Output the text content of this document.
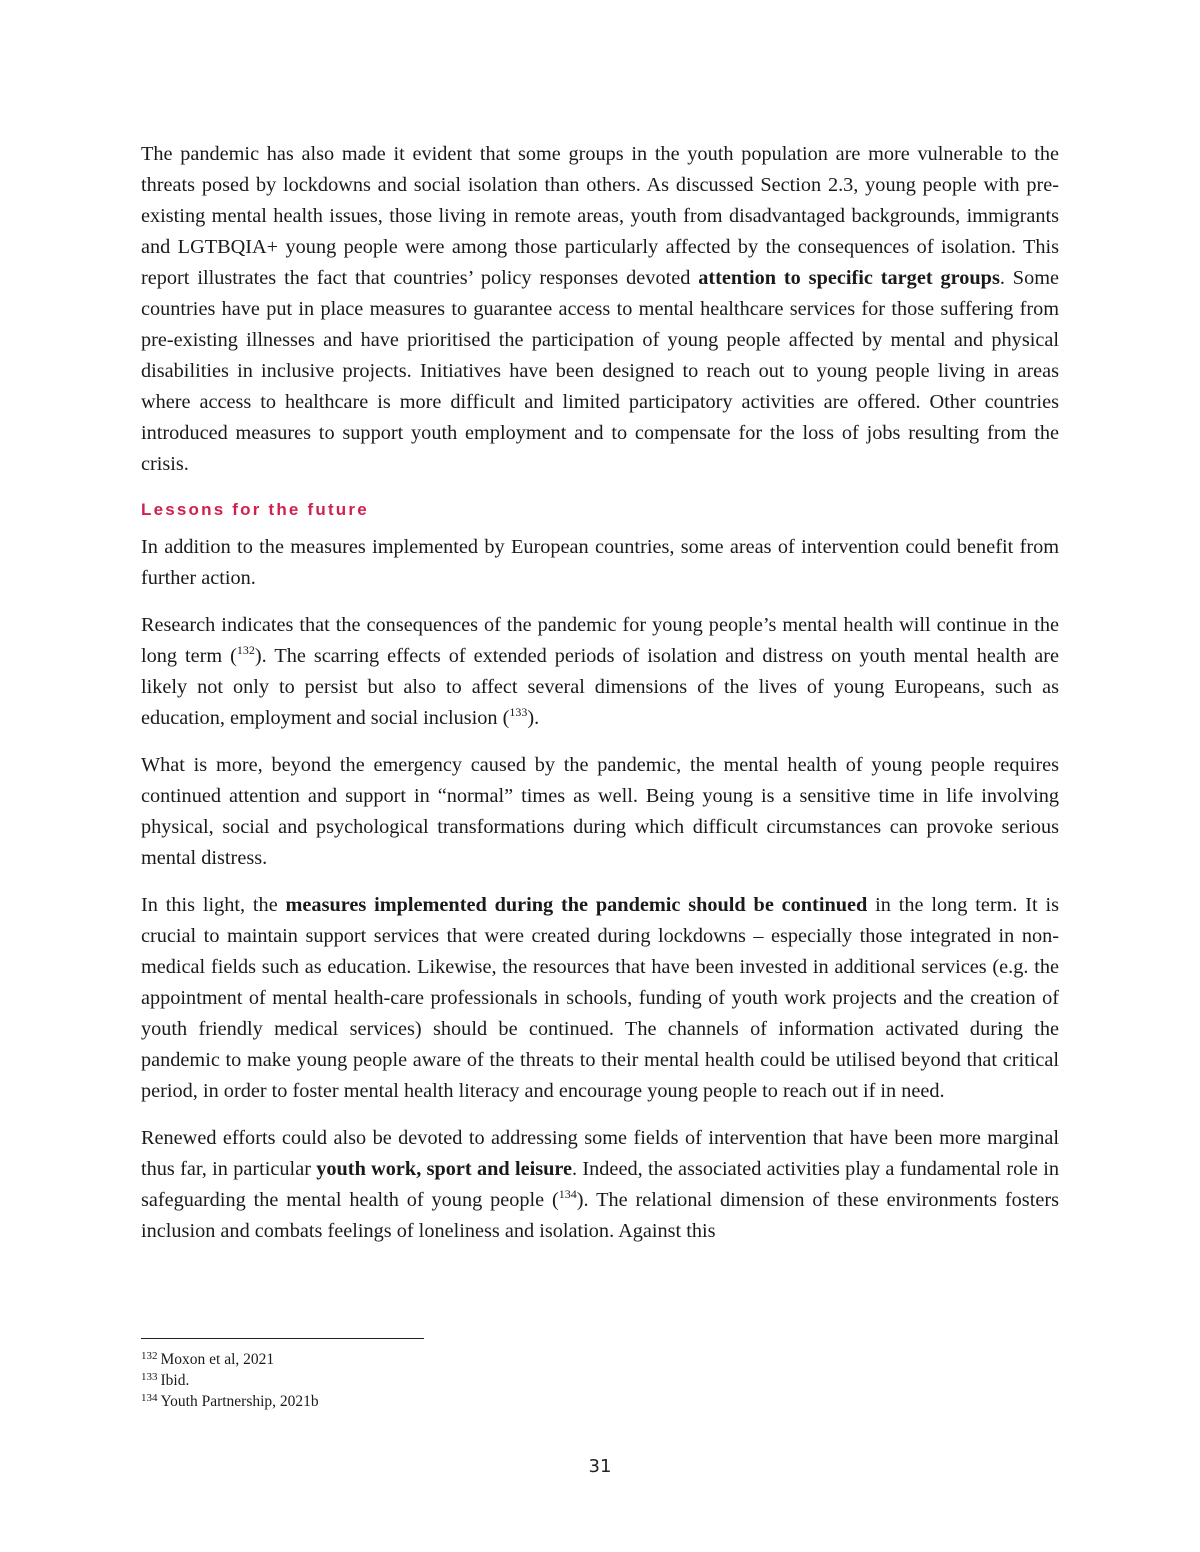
The pandemic has also made it evident that some groups in the youth population are more vulnerable to the threats posed by lockdowns and social isolation than others. As discussed Section 2.3, young people with pre-existing mental health issues, those living in remote areas, youth from disadvantaged backgrounds, immigrants and LGTBQIA+ young people were among those particularly affected by the consequences of isolation. This report illustrates the fact that countries’ policy responses devoted attention to specific target groups. Some countries have put in place measures to guarantee access to mental healthcare services for those suffering from pre-existing illnesses and have prioritised the participation of young people affected by mental and physical disabilities in inclusive projects. Initiatives have been designed to reach out to young people living in areas where access to healthcare is more difficult and limited participatory activities are offered. Other countries introduced measures to support youth employment and to compensate for the loss of jobs resulting from the crisis.

Lessons for the future

In addition to the measures implemented by European countries, some areas of intervention could benefit from further action.

Research indicates that the consequences of the pandemic for young people’s mental health will continue in the long term ($^{132}$). The scarring effects of extended periods of isolation and distress on youth mental health are likely not only to persist but also to affect several dimensions of the lives of young Europeans, such as education, employment and social inclusion ($^{133}$).

What is more, beyond the emergency caused by the pandemic, the mental health of young people requires continued attention and support in “normal” times as well. Being young is a sensitive time in life involving physical, social and psychological transformations during which difficult circumstances can provoke serious mental distress.

In this light, the measures implemented during the pandemic should be continued in the long term. It is crucial to maintain support services that were created during lockdowns – especially those integrated in non-medical fields such as education. Likewise, the resources that have been invested in additional services (e.g. the appointment of mental health-care professionals in schools, funding of youth work projects and the creation of youth friendly medical services) should be continued. The channels of information activated during the pandemic to make young people aware of the threats to their mental health could be utilised beyond that critical period, in order to foster mental health literacy and encourage young people to reach out if in need.

Renewed efforts could also be devoted to addressing some fields of intervention that have been more marginal thus far, in particular youth work, sport and leisure. Indeed, the associated activities play a fundamental role in safeguarding the mental health of young people ($^{134}$). The relational dimension of these environments fosters inclusion and combats feelings of loneliness and isolation. Against this

$^{132}$ Moxon et al, 2021
$^{133}$ Ibid.
$^{134}$ Youth Partnership, 2021b
31
